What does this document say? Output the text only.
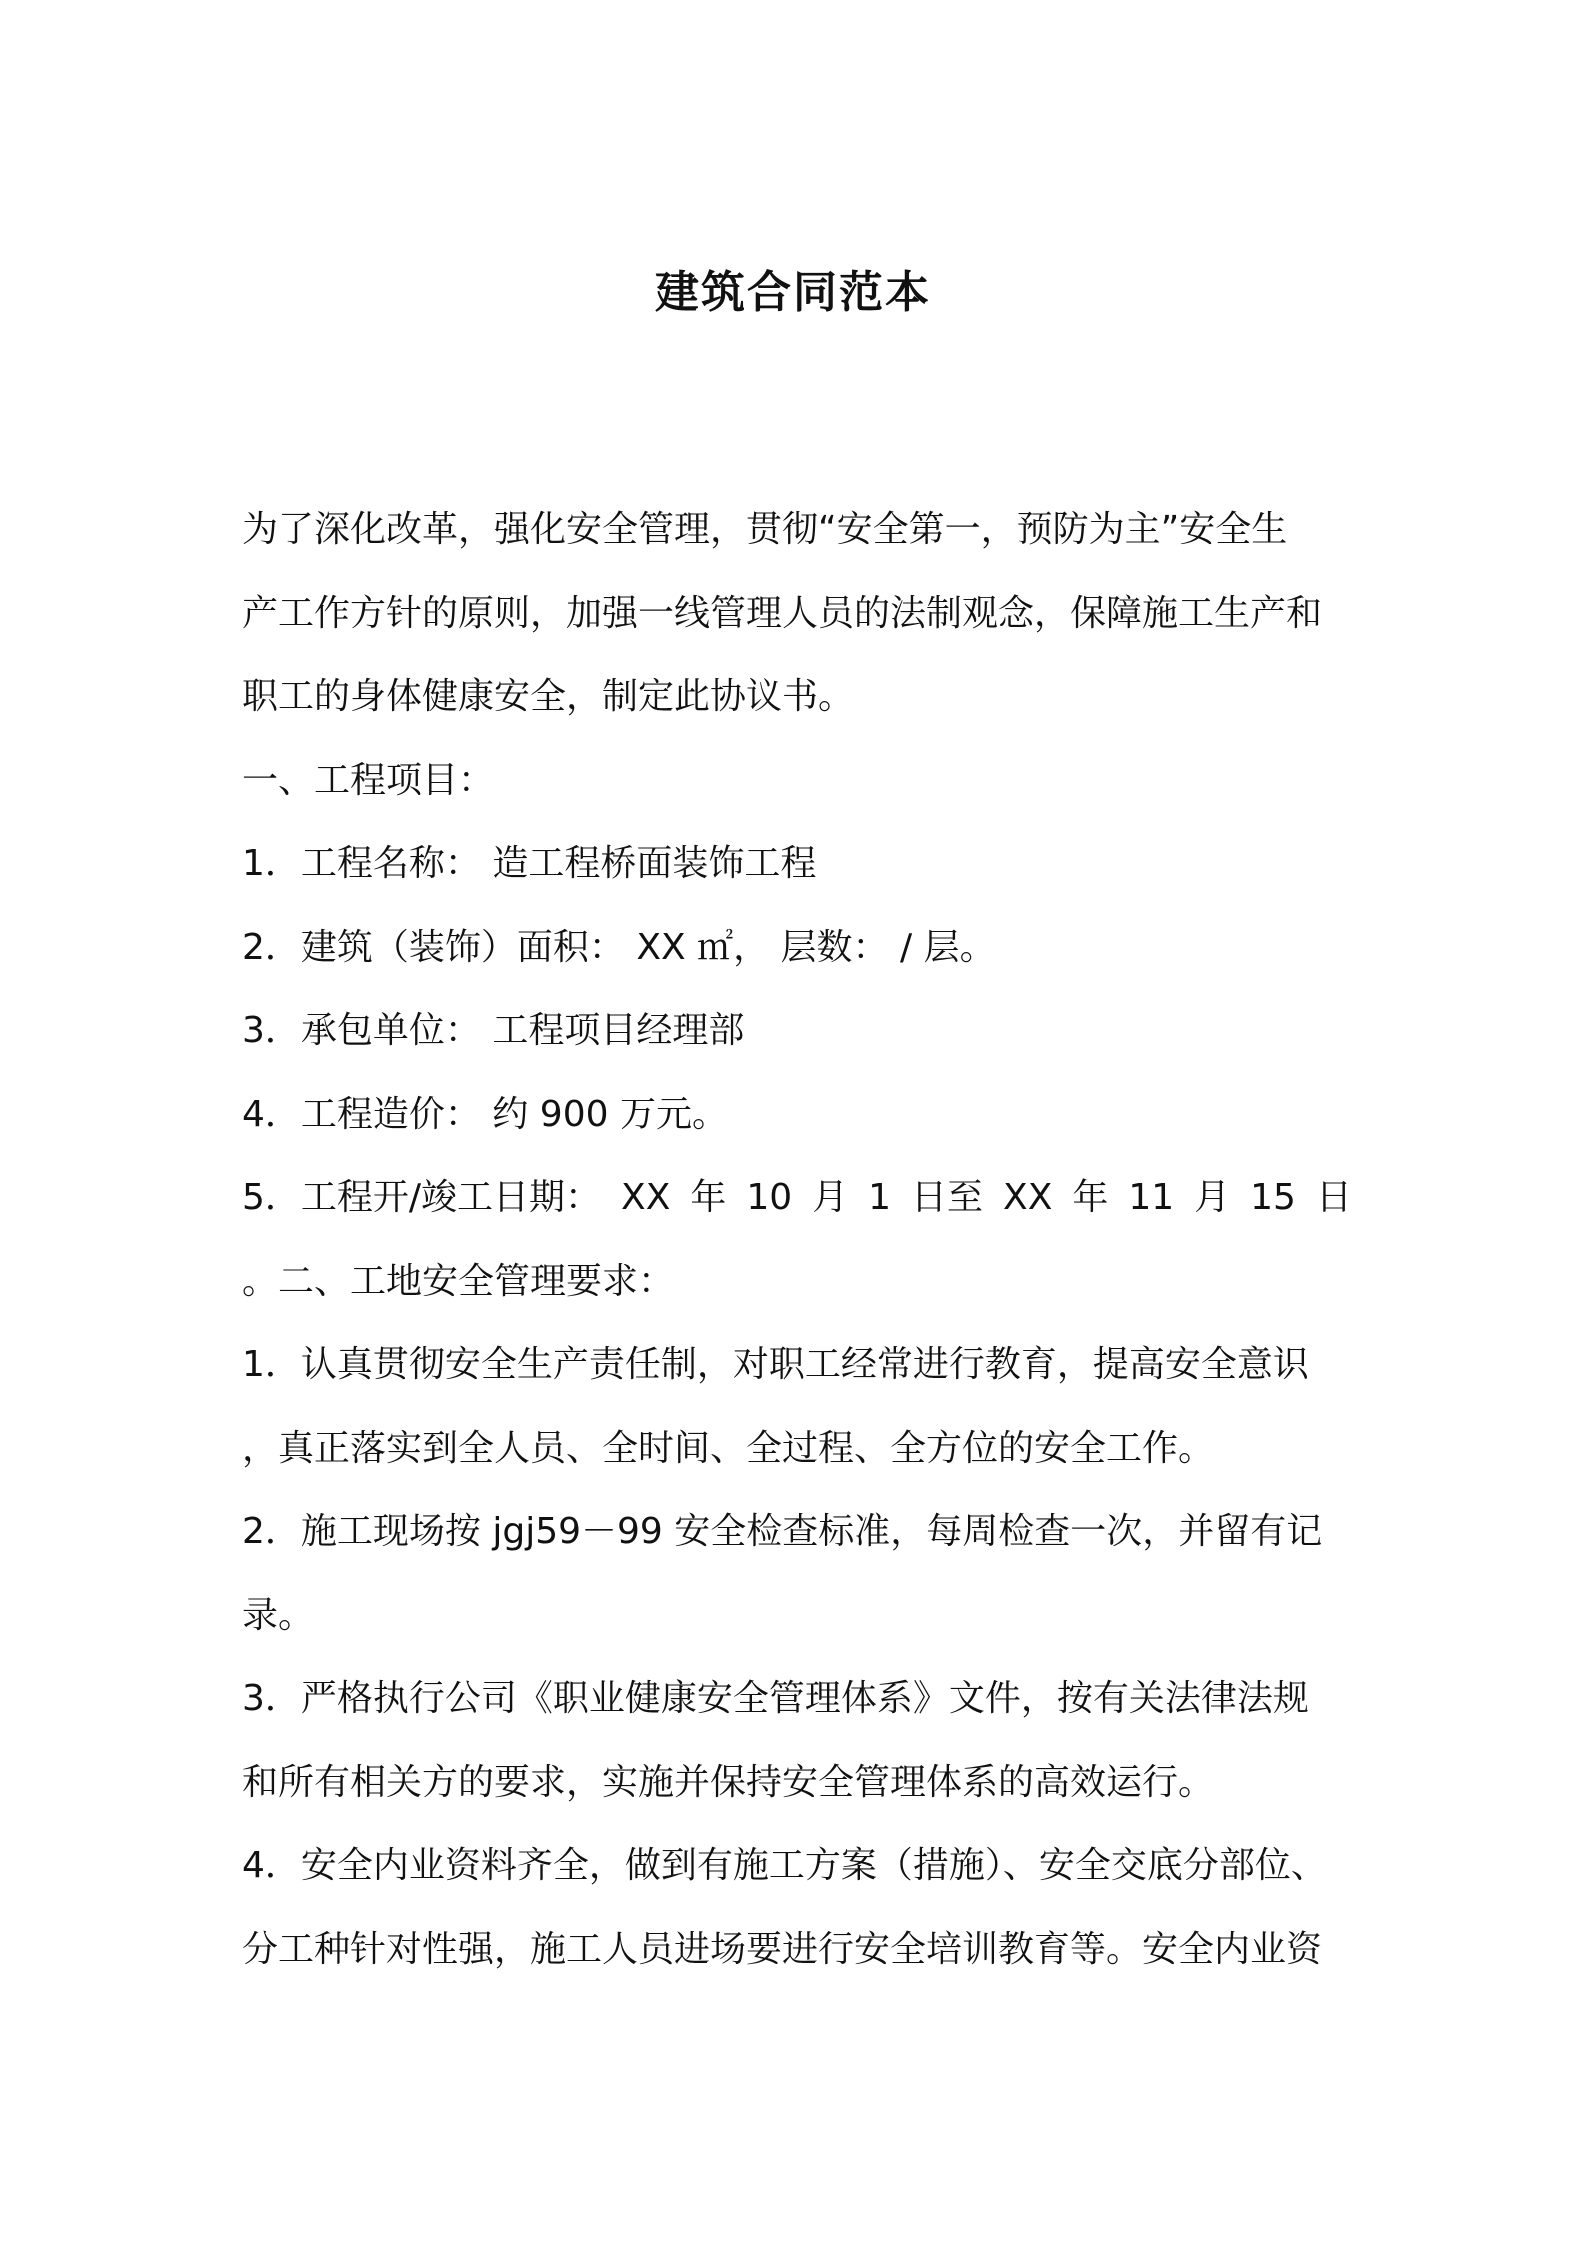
建筑合同范本
为了深化改革，强化安全管理，贯彻“安全第一，预防为主”安全生
产工作方针的原则，加强一线管理人员的法制观念，保障施工生产和
职工的身体健康安全，制定此协议书。
一、工程项目：
1．工程名称： 造工程桥面装饰工程
2．建筑（装饰）面积： XX ㎡， 层数： / 层。
3．承包单位： 工程项目经理部
4．工程造价： 约 900 万元。
5．工程开/竣工日期： XX 年 10 月 1 日至 XX 年 11 月 15 日
。二、工地安全管理要求：
1．认真贯彻安全生产责任制，对职工经常进行教育，提高安全意识
，真正落实到全人员、全时间、全过程、全方位的安全工作。
2．施工现场按 jgj59－99 安全检查标准，每周检查一次，并留有记
录。
3．严格执行公司《职业健康安全管理体系》文件，按有关法律法规
和所有相关方的要求，实施并保持安全管理体系的高效运行。
4．安全内业资料齐全，做到有施工方案（措施）、安全交底分部位、
分工种针对性强，施工人员进场要进行安全培训教育等。安全内业资
